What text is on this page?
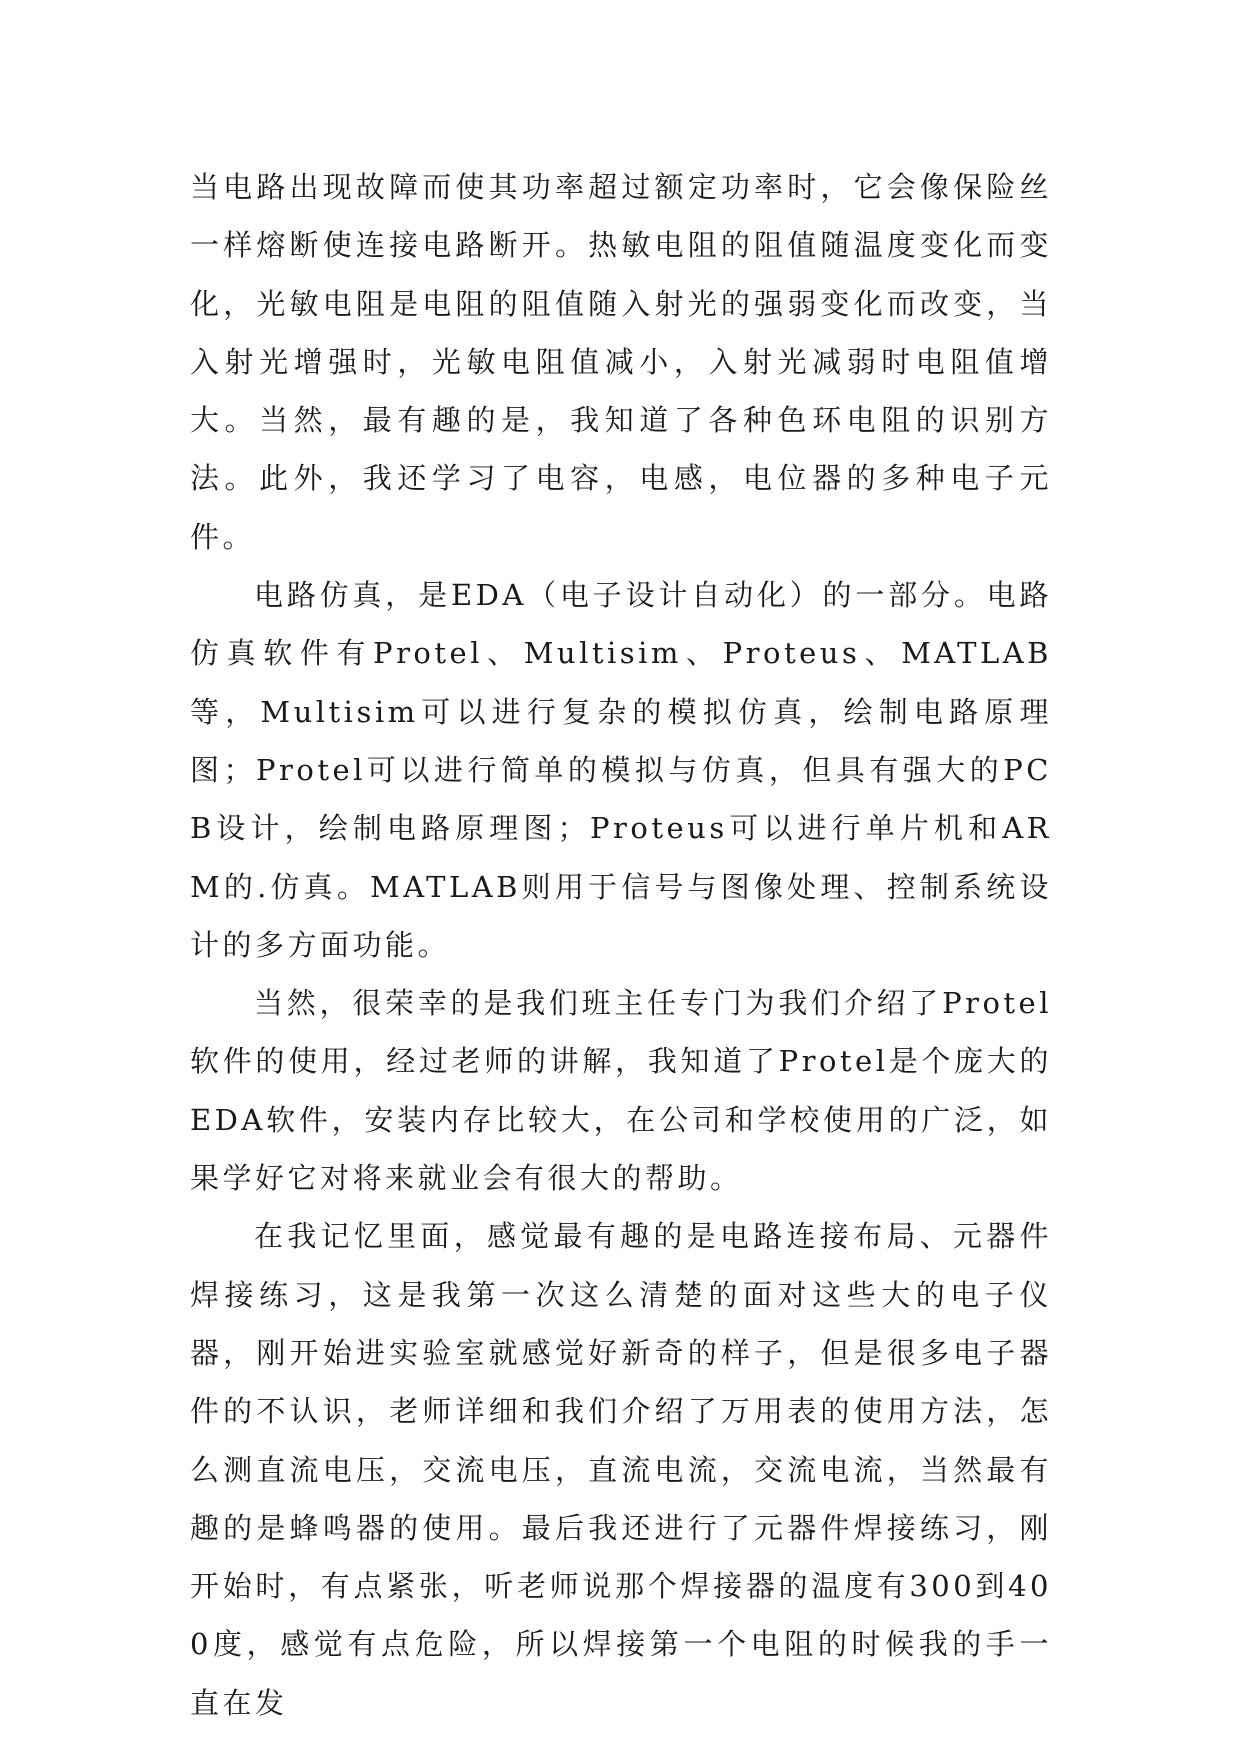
当电路出现故障而使其功率超过额定功率时，它会像保险丝一样熔断使连接电路断开。热敏电阻的阻值随温度变化而变化，光敏电阻是电阻的阻值随入射光的强弱变化而改变，当入射光增强时，光敏电阻值减小，入射光减弱时电阻值增大。当然，最有趣的是，我知道了各种色环电阻的识别方法。此外，我还学习了电容，电感，电位器的多种电子元件。

电路仿真，是EDA（电子设计自动化）的一部分。电路仿真软件有Protel、Multisim、Proteus、MATLAB等，Multisim可以进行复杂的模拟仿真，绘制电路原理图；Protel可以进行简单的模拟与仿真，但具有强大的PCB设计，绘制电路原理图；Proteus可以进行单片机和ARM的.仿真。MATLAB则用于信号与图像处理、控制系统设计的多方面功能。

当然，很荣幸的是我们班主任专门为我们介绍了Protel软件的使用，经过老师的讲解，我知道了Protel是个庞大的EDA软件，安装内存比较大，在公司和学校使用的广泛，如果学好它对将来就业会有很大的帮助。

在我记忆里面，感觉最有趣的是电路连接布局、元器件焊接练习，这是我第一次这么清楚的面对这些大的电子仪器，刚开始进实验室就感觉好新奇的样子，但是很多电子器件的不认识，老师详细和我们介绍了万用表的使用方法，怎么测直流电压，交流电压，直流电流，交流电流，当然最有趣的是蜂鸣器的使用。最后我还进行了元器件焊接练习，刚开始时，有点紧张，听老师说那个焊接器的温度有300到400度，感觉有点危险，所以焊接第一个电阻的时候我的手一直在发
